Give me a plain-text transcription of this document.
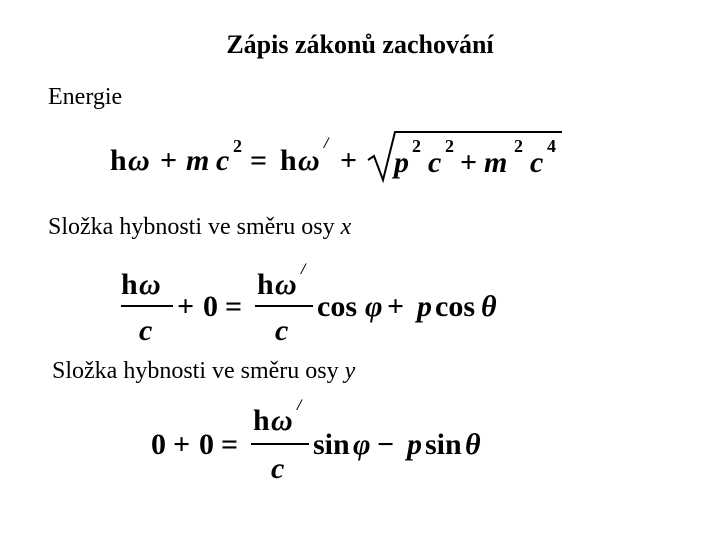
Zápis zákonů zachování
Energie
h ω + m c 2 = h ω
/
+ p 2 c 2 + m 2 c 4
Složka hybnosti ve směru osy x
h ω
c
+ 0 =
h ω /
c
cos φ + p cos θ
Složka hybnosti ve směru osy y
0 + 0 =
h ω /
c
sin φ − p sin θ
